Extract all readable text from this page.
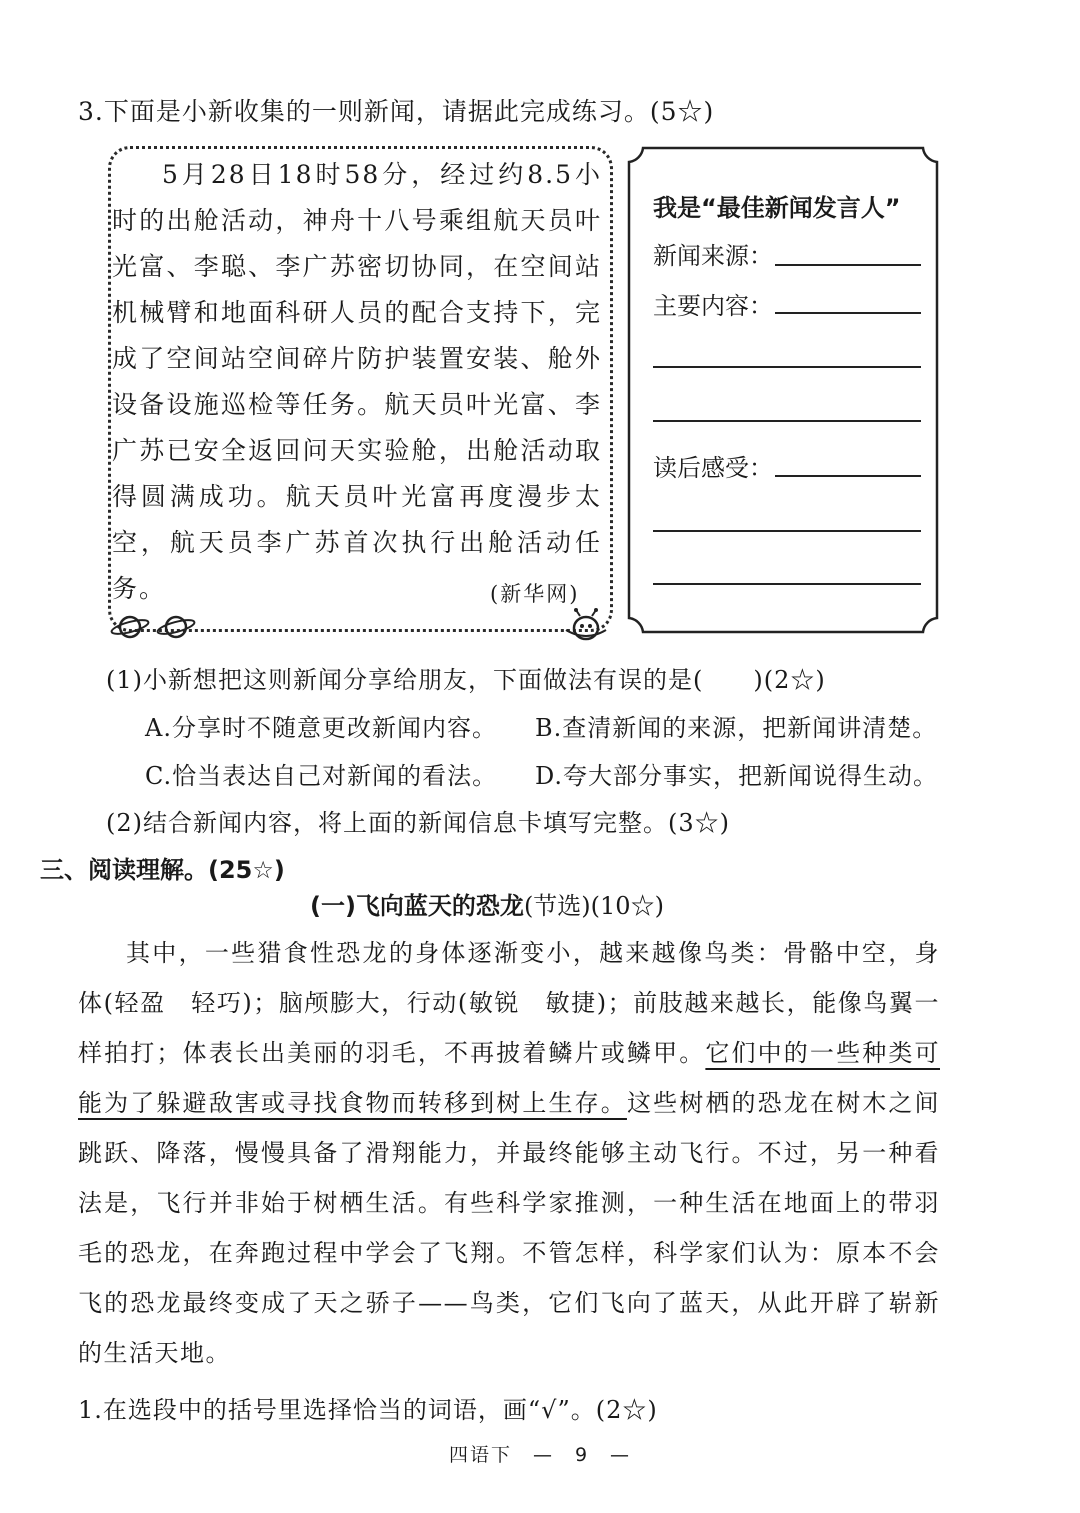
3.下面是小新收集的一则新闻，请据此完成练习。(5☆)
5月28日18时58分，经过约8.5小时的出舱活动，神舟十八号乘组航天员叶光富、李聪、李广苏密切协同，在空间站机械臂和地面科研人员的配合支持下，完成了空间站空间碎片防护装置安装、舱外设备设施巡检等任务。航天员叶光富、李广苏已安全返回问天实验舱，出舱活动取得圆满成功。航天员叶光富再度漫步太空，航天员李广苏首次执行出舱活动任务。	(新华网)
我是“最佳新闻发言人”
新闻来源：
主要内容：
读后感受：
(1)小新想把这则新闻分享给朋友，下面做法有误的是(　　)(2☆)
A.分享时不随意更改新闻内容。 B.查清新闻的来源，把新闻讲清楚。
C.恰当表达自己对新闻的看法。 D.夸大部分事实，把新闻说得生动。
(2)结合新闻内容，将上面的新闻信息卡填写完整。(3☆)
三、阅读理解。(25☆)
(一)飞向蓝天的恐龙(节选)(10☆)

其中，一些猎食性恐龙的身体逐渐变小，越来越像鸟类：骨骼中空，身体(轻盈　轻巧)；脑颅膨大，行动(敏锐　敏捷)；前肢越来越长，能像鸟翼一样拍打；体表长出美丽的羽毛，不再披着鳞片或鳞甲。它们中的一些种类可能为了躲避敌害或寻找食物而转移到树上生存。这些树栖的恐龙在树木之间跳跃、降落，慢慢具备了滑翔能力，并最终能够主动飞行。不过，另一种看法是，飞行并非始于树栖生活。有些科学家推测，一种生活在地面上的带羽毛的恐龙，在奔跑过程中学会了飞翔。不管怎样，科学家们认为：原本不会飞的恐龙最终变成了天之骄子——鸟类，它们飞向了蓝天，从此开辟了崭新的生活天地。

1.在选段中的括号里选择恰当的词语，画“√”。(2☆)
四语下　—　9　—
